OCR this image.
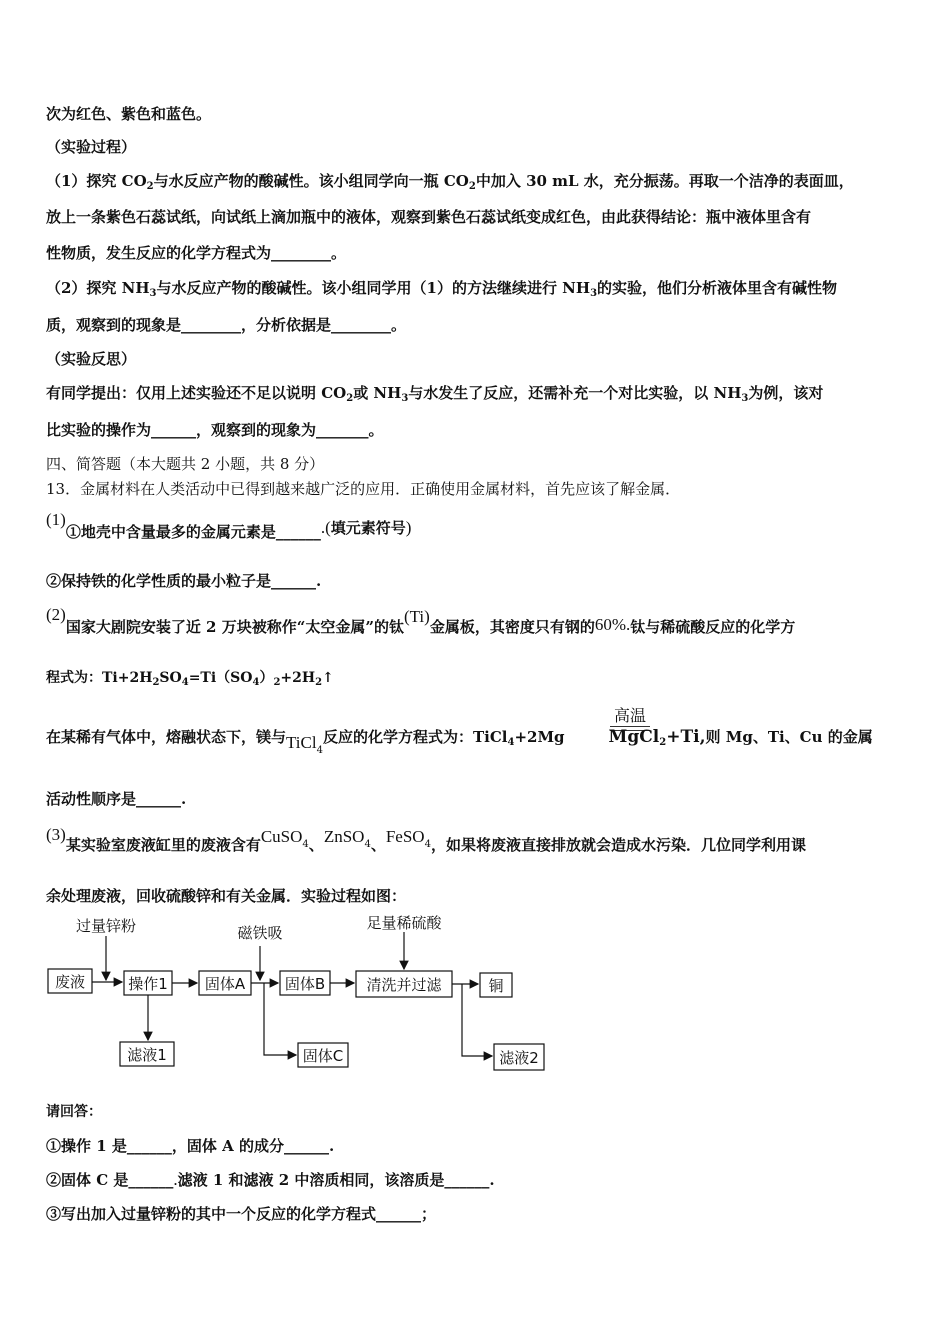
次为红色、紫色和蓝色。
（实验过程）
（1）探究 $CO_2$与水反应产物的酸碱性。该小组同学向一瓶 $CO_2$中加入 30 mL 水，充分振荡。再取一个洁净的表面皿，
放上一条紫色石蕊试纸，向试纸上滴加瓶中的液体，观察到紫色石蕊试纸变成红色，由此获得结论：瓶中液体里含有
性物质，发生反应的化学方程式为________。
（2）探究 $NH_3$与水反应产物的酸碱性。该小组同学用（1）的方法继续进行 $NH_3$的实验，他们分析液体里含有碱性物
质，观察到的现象是________，分析依据是________。
（实验反思）
有同学提出：仅用上述实验还不足以说明 $CO_2$或 $NH_3$与水发生了反应，还需补充一个对比实验，以 $NH_3$为例，该对
比实验的操作为______，观察到的现象为_______。
四、简答题（本大题共 2 小题，共 8 分）
13．金属材料在人类活动中已得到越来越广泛的应用．正确使用金属材料，首先应该了解金属．
(1)①地壳中含量最多的金属元素是______.(填元素符号)
②保持铁的化学性质的最小粒子是______.
(2)国家大剧院安装了近 2 万块被称作“太空金属”的钛(Ti)金属板，其密度只有钢的60%.钛与稀硫酸反应的化学方
程式为：$Ti+2H_2SO_4=Ti(SO_4)_2+2H_2↑$
高温
在某稀有气体中，熔融状态下，镁与TiCl$_4$反应的化学方程式为：TiCl$_4$+2Mg	MgCl$_2$+Ti,则 Mg、Ti、Cu 的金属
活动性顺序是______.
(3)某实验室废液缸里的废液含有CuSO$_4$、ZnSO$_4$、FeSO$_4$，如果将废液直接排放就会造成水污染．几位同学利用课
余处理废液，回收硫酸锌和有关金属．实验过程如图：
废液	操作1 固体A	固体B	清洗并过滤	铜
滤液1	固体C	滤液2
过量锌粉	磁铁吸
足量稀硫酸
请回答：
①操作 1 是______，固体 A 的成分______.
②固体 C 是______.滤液 1 和滤液 2 中溶质相同，该溶质是______.
③写出加入过量锌粉的其中一个反应的化学方程式______；
